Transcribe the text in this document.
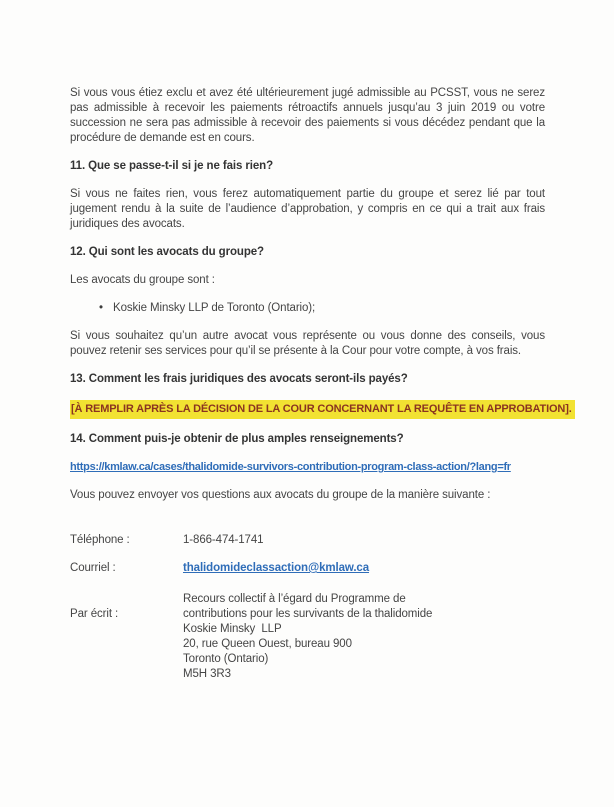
Si vous vous étiez exclu et avez été ultérieurement jugé admissible au PCSST, vous ne serez pas admissible à recevoir les paiements rétroactifs annuels jusqu’au 3 juin 2019 ou votre succession ne sera pas admissible à recevoir des paiements si vous décédez pendant que la procédure de demande est en cours.

11. Que se passe-t-il si je ne fais rien?

Si vous ne faites rien, vous ferez automatiquement partie du groupe et serez lié par tout jugement rendu à la suite de l’audience d’approbation, y compris en ce qui a trait aux frais juridiques des avocats.

12. Qui sont les avocats du groupe?

Les avocats du groupe sont :

• Koskie Minsky LLP de Toronto (Ontario);

Si vous souhaitez qu’un autre avocat vous représente ou vous donne des conseils, vous pouvez retenir ses services pour qu’il se présente à la Cour pour votre compte, à vos frais.

13. Comment les frais juridiques des avocats seront-ils payés?

[À REMPLIR APRÈS LA DÉCISION DE LA COUR CONCERNANT LA REQUÊTE EN APPROBATION].

14. Comment puis-je obtenir de plus amples renseignements?

https://kmlaw.ca/cases/thalidomide-survivors-contribution-program-class-action/?lang=fr

Vous pouvez envoyer vos questions aux avocats du groupe de la manière suivante :

Téléphone :	1-866-474-1741
Courriel :	thalidomideclassaction@kmlaw.ca
Par écrit :
Recours collectif à l’égard du Programme de
contributions pour les survivants de la thalidomide
Koskie Minsky  LLP
20, rue Queen Ouest, bureau 900
Toronto (Ontario)
M5H 3R3
